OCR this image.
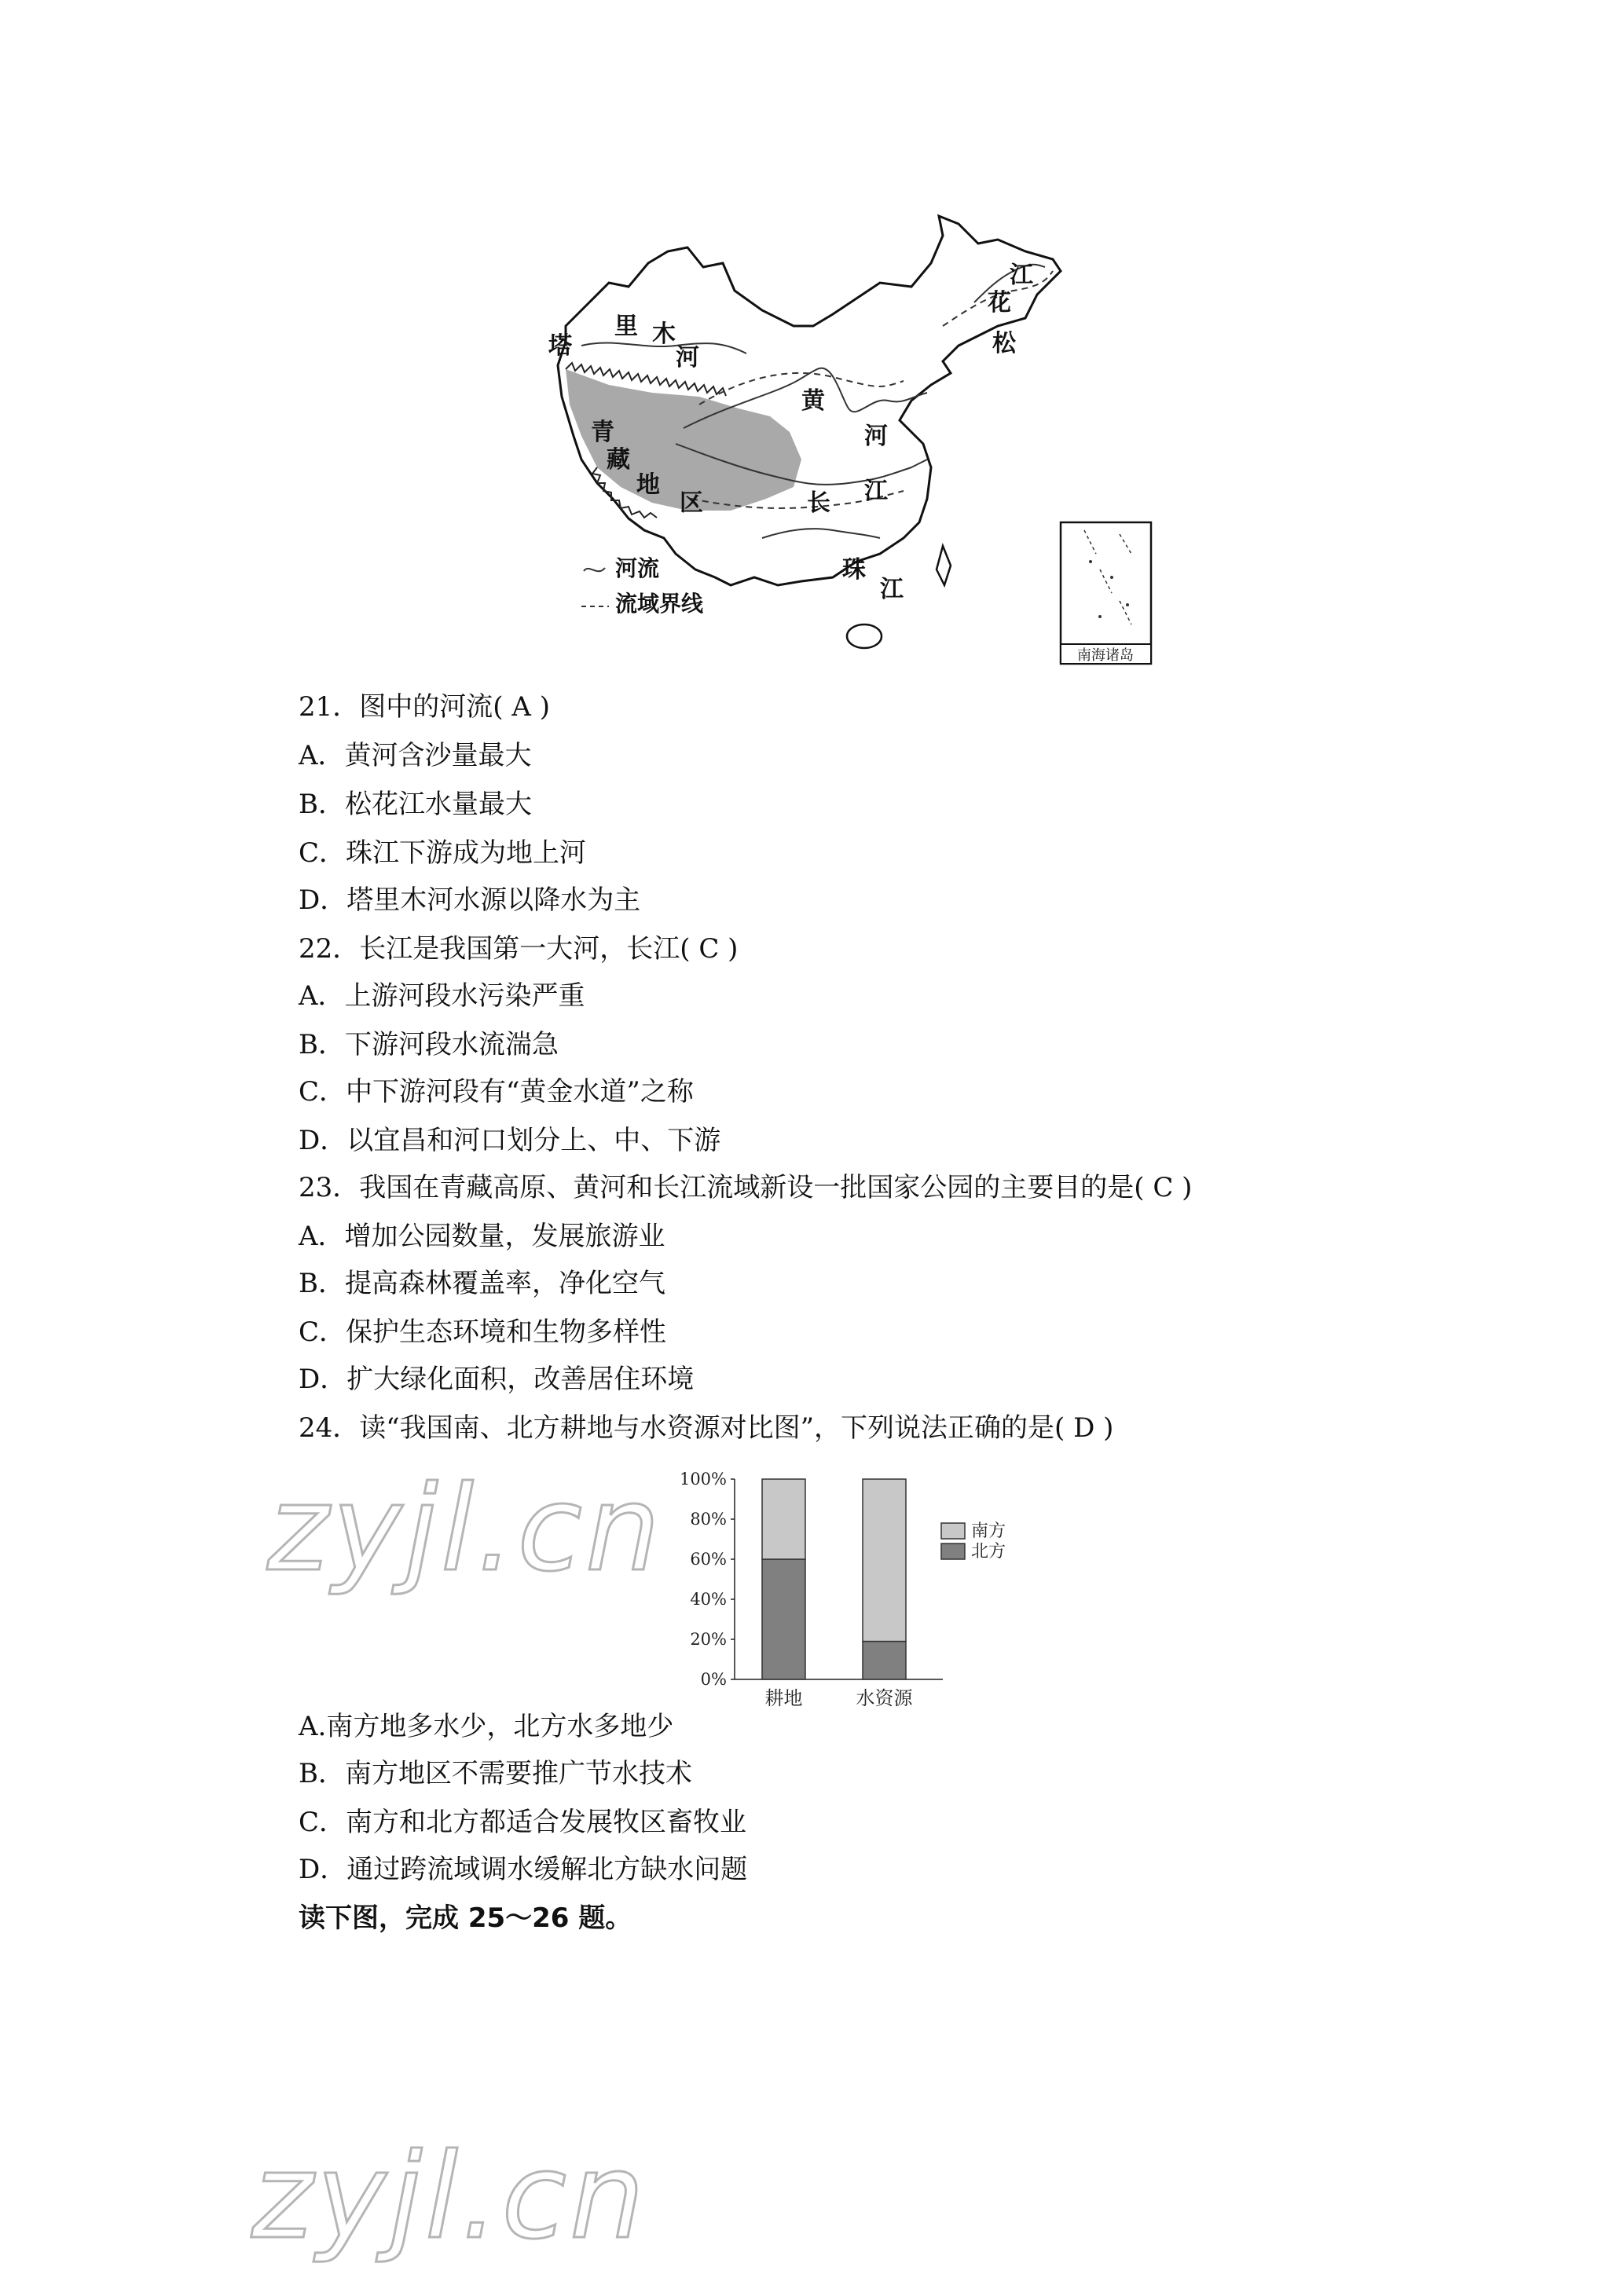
塔
里 木
河
江
花
松
黄
河
长 江
珠
江
青
藏
地
区
河流
流域界线
南海诸岛
21．图中的河流( A )
A．黄河含沙量最大
B．松花江水量最大
C．珠江下游成为地上河
D．塔里木河水源以降水为主
22．长江是我国第一大河，长江( C )
A．上游河段水污染严重
B．下游河段水流湍急
C．中下游河段有“黄金水道”之称
D．以宜昌和河口划分上、中、下游
23．我国在青藏高原、黄河和长江流域新设一批国家公园的主要目的是( C )
A．增加公园数量，发展旅游业
B．提高森林覆盖率，净化空气
C．保护生态环境和生物多样性
D．扩大绿化面积，改善居住环境
24．读“我国南、北方耕地与水资源对比图”，下列说法正确的是( D )
0%
20%
40%
60%
80%
100%
耕地	水资源
南方
北方
A.南方地多水少，北方水多地少
B．南方地区不需要推广节水技术
C．南方和北方都适合发展牧区畜牧业
D．通过跨流域调水缓解北方缺水问题
读下图，完成 25～26 题。
zyjl.cn
zyjl.cn
